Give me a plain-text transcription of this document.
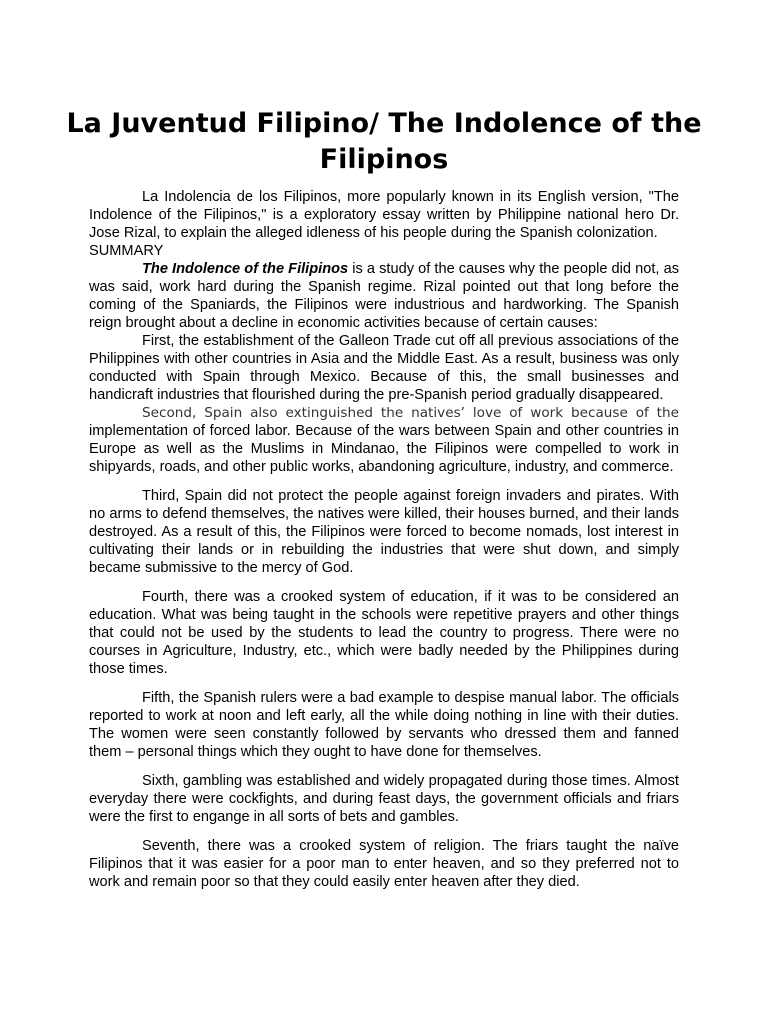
La Juventud Filipino/ The Indolence of the Filipinos

La Indolencia de los Filipinos, more popularly known in its English version, "The Indolence of the Filipinos," is a exploratory essay written by Philippine national hero Dr. Jose Rizal, to explain the alleged idleness of his people during the Spanish colonization.

SUMMARY

The Indolence of the Filipinos is a study of the causes why the people did not, as was said, work hard during the Spanish regime. Rizal pointed out that long before the coming of the Spaniards, the Filipinos were industrious and hardworking. The Spanish reign brought about a decline in economic activities because of certain causes:

First, the establishment of the Galleon Trade cut off all previous associations of the Philippines with other countries in Asia and the Middle East. As a result, business was only conducted with Spain through Mexico. Because of this, the small businesses and handicraft industries that flourished during the pre-Spanish period gradually disappeared.

Second, Spain also extinguished the natives’ love of work because of the implementation of forced labor. Because of the wars between Spain and other countries in Europe as well as the Muslims in Mindanao, the Filipinos were compelled to work in shipyards, roads, and other public works, abandoning agriculture, industry, and commerce.

Third, Spain did not protect the people against foreign invaders and pirates. With no arms to defend themselves, the natives were killed, their houses burned, and their lands destroyed. As a result of this, the Filipinos were forced to become nomads, lost interest in cultivating their lands or in rebuilding the industries that were shut down, and simply became submissive to the mercy of God.

Fourth, there was a crooked system of education, if it was to be considered an education. What was being taught in the schools were repetitive prayers and other things that could not be used by the students to lead the country to progress. There were no courses in Agriculture, Industry, etc., which were badly needed by the Philippines during those times.

Fifth, the Spanish rulers were a bad example to despise manual labor. The officials reported to work at noon and left early, all the while doing nothing in line with their duties. The women were seen constantly followed by servants who dressed them and fanned them – personal things which they ought to have done for themselves.

Sixth, gambling was established and widely propagated during those times. Almost everyday there were cockfights, and during feast days, the government officials and friars were the first to engange in all sorts of bets and gambles.

Seventh, there was a crooked system of religion. The friars taught the naïve Filipinos that it was easier for a poor man to enter heaven, and so they preferred not to work and remain poor so that they could easily enter heaven after they died.
